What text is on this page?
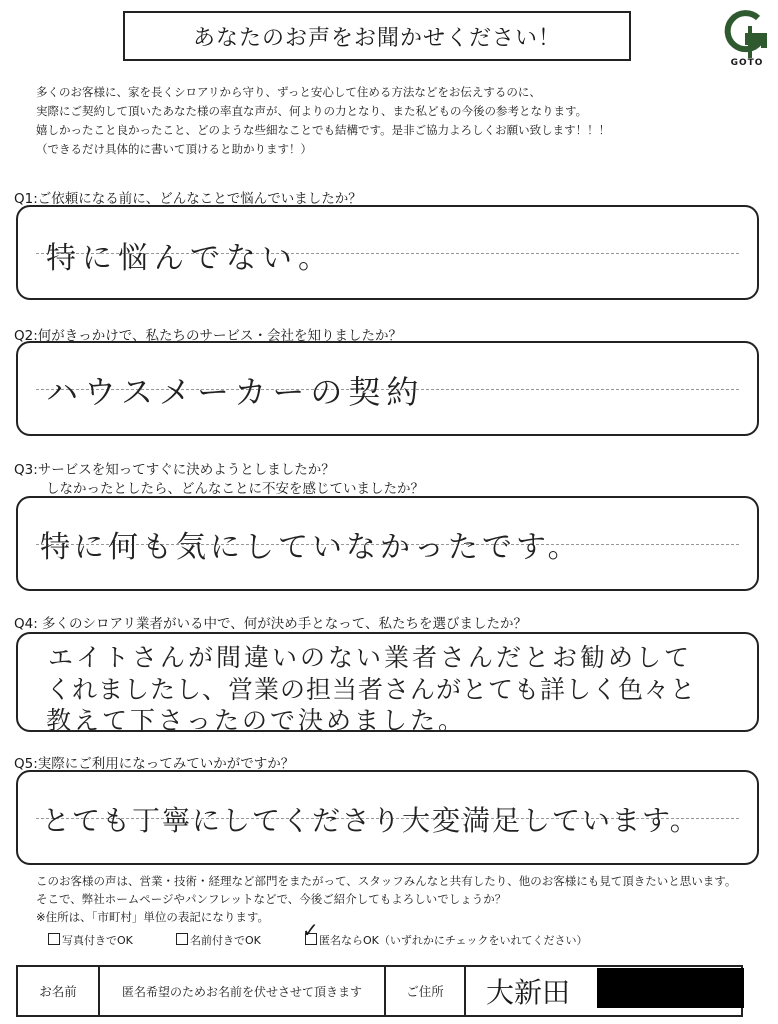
あなたのお声をお聞かせください！
GOTO
多くのお客様に、家を長くシロアリから守り、ずっと安心して住める方法などをお伝えするのに、
実際にご契約して頂いたあなた様の率直な声が、何よりの力となり、また私どもの今後の参考となります。
嬉しかったこと良かったこと、どのような些細なことでも結構です。是非ご協力よろしくお願い致します！！！
（できるだけ具体的に書いて頂けると助かります！）
Q1:ご依頼になる前に、どんなことで悩んでいましたか？
特に悩んでない。
Q2:何がきっかけで、私たちのサービス・会社を知りましたか？
ハウスメーカーの契約
Q3:サービスを知ってすぐに決めようとしましたか？
しなかったとしたら、どんなことに不安を感じていましたか？
特に何も気にしていなかったです。
Q4: 多くのシロアリ業者がいる中で、何が決め手となって、私たちを選びましたか？
エイトさんが間違いのない業者さんだとお勧めして
くれましたし、営業の担当者さんがとても詳しく色々と
教えて下さったので決めました。
Q5:実際にご利用になってみていかがですか？
とても丁寧にしてくださり大変満足しています。
このお客様の声は、営業・技術・経理など部門をまたがって、スタッフみんなと共有したり、他のお客様にも見て頂きたいと思います。
そこで、弊社ホームページやパンフレットなどで、今後ご紹介してもよろしいでしょうか？
※住所は、「市町村」単位の表記になります。
写真付きでOK	名前付きでOK	匿名ならOK（いずれかにチェックをいれてください）
✓
お名前	匿名希望のためお名前を伏せさせて頂きます	ご住所	大新田
